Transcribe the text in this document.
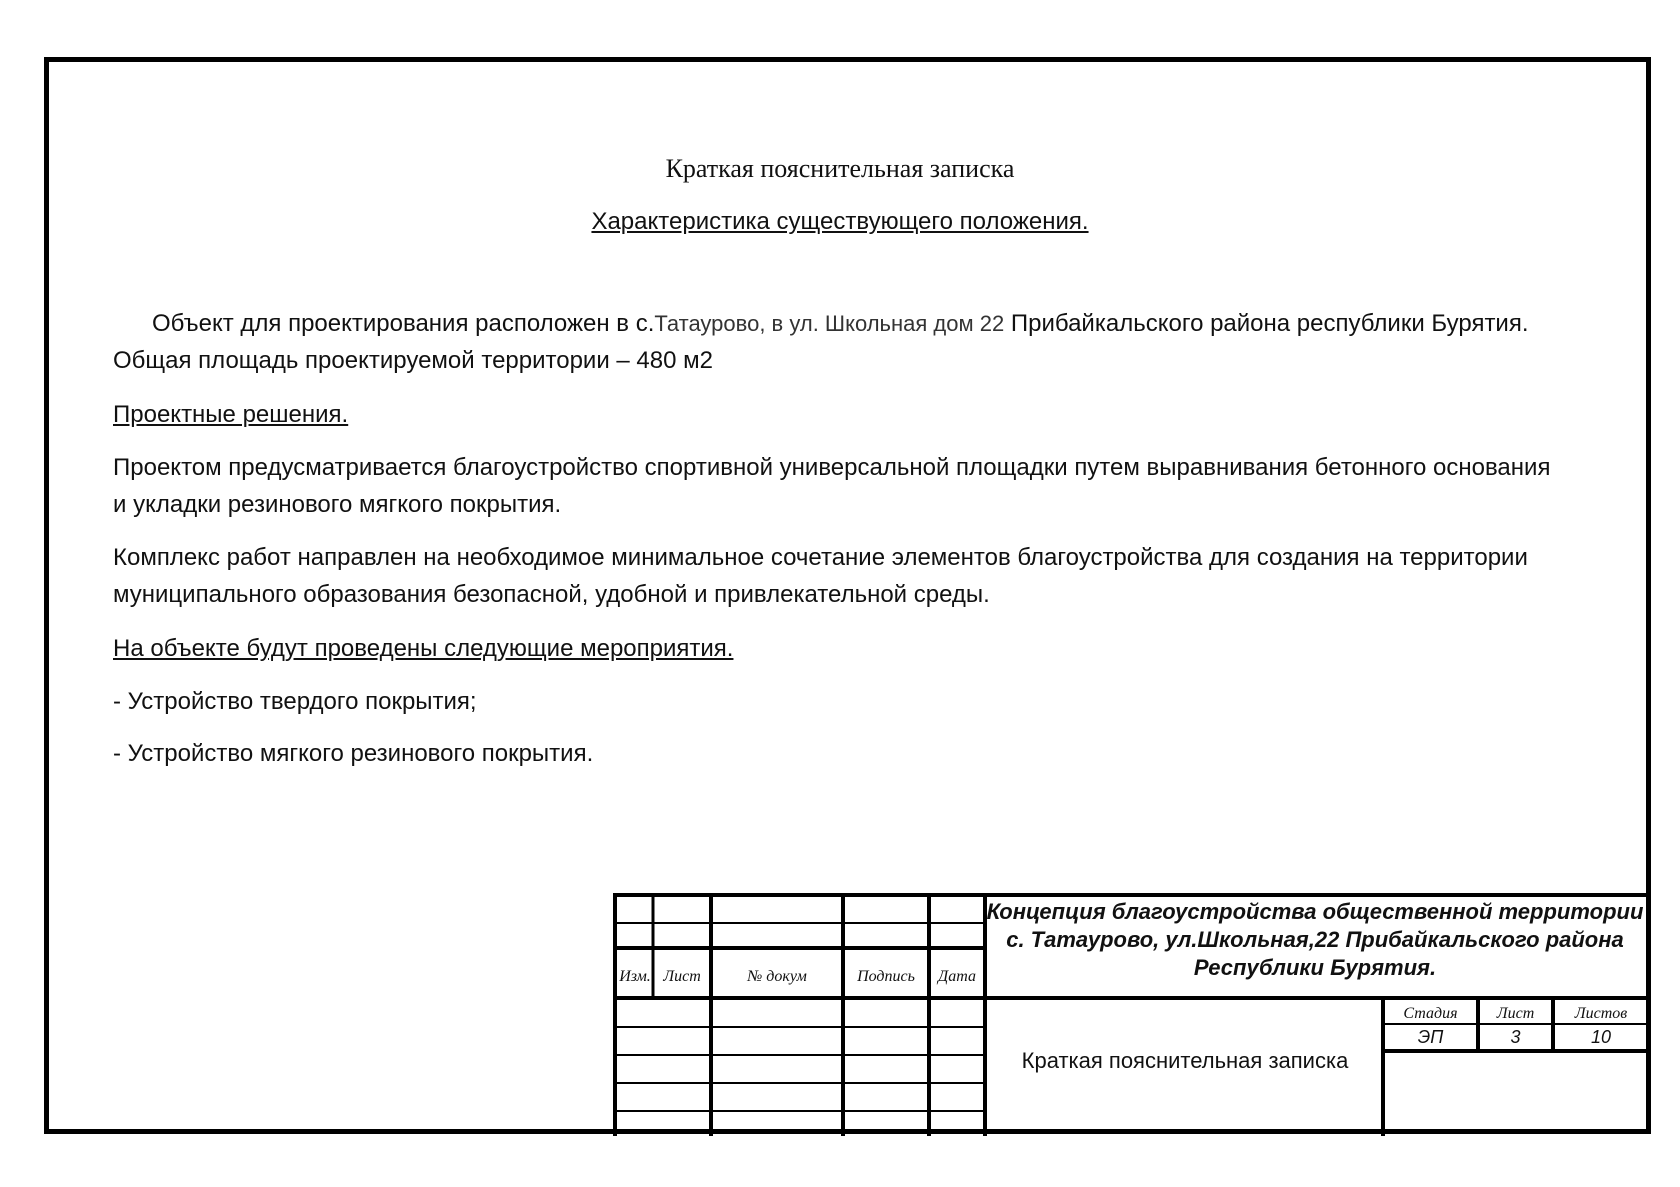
Краткая пояснительная записка
Характеристика существующего положения.
Объект для проектирования расположен в с.Татаурово, в ул. Школьная дом 22 Прибайкальского района республики Бурятия. Общая площадь проектируемой территории – 480 м2
Проектные решения.
Проектом предусматривается благоустройство спортивной универсальной площадки путем выравнивания бетонного основания и укладки резинового мягкого покрытия.
Комплекс работ направлен на необходимое минимальное сочетание элементов благоустройства для создания на территории муниципального образования безопасной, удобной и привлекательной среды.
На объекте будут проведены следующие мероприятия.
- Устройство твердого покрытия;
- Устройство мягкого резинового покрытия.
Изм. Лист	№ докум	Подпись	Дата
Концепция благоустройства общественной территории с. Татаурово, ул.Школьная,22 Прибайкальского района Республики Бурятия.
Краткая пояснительная записка
Стадия	Лист	Листов
ЭП	3	10
